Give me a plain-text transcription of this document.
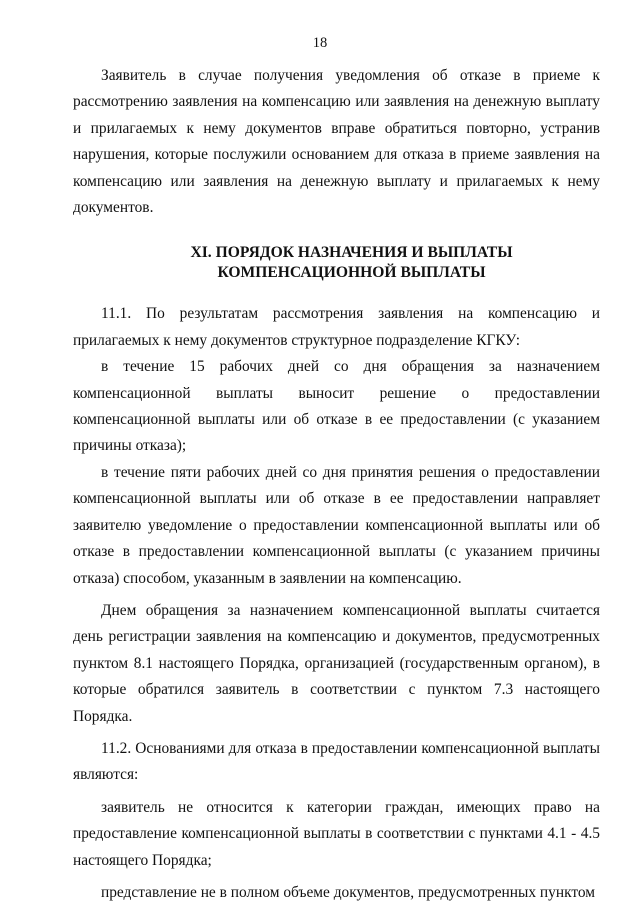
18

Заявитель в случае получения уведомления об отказе в приеме к рассмотрению заявления на компенсацию или заявления на денежную выплату и прилагаемых к нему документов вправе обратиться повторно, устранив нарушения, которые послужили основанием для отказа в приеме заявления на компенсацию или заявления на денежную выплату и прилагаемых к нему документов.

XI. ПОРЯДОК НАЗНАЧЕНИЯ И ВЫПЛАТЫ
КОМПЕНСАЦИОННОЙ ВЫПЛАТЫ

11.1. По результатам рассмотрения заявления на компенсацию и прилагаемых к нему документов структурное подразделение КГКУ:

в течение 15 рабочих дней со дня обращения за назначением компенсационной выплаты выносит решение о предоставлении компенсационной выплаты или об отказе в ее предоставлении (с указанием причины отказа);

в течение пяти рабочих дней со дня принятия решения о предоставлении компенсационной выплаты или об отказе в ее предоставлении направляет заявителю уведомление о предоставлении компенсационной выплаты или об отказе в предоставлении компенсационной выплаты (с указанием причины отказа) способом, указанным в заявлении на компенсацию.

Днем обращения за назначением компенсационной выплаты считается день регистрации заявления на компенсацию и документов, предусмотренных пунктом 8.1 настоящего Порядка, организацией (государственным органом), в которые обратился заявитель в соответствии с пунктом 7.3 настоящего Порядка.

11.2. Основаниями для отказа в предоставлении компенсационной выплаты являются:

заявитель не относится к категории граждан, имеющих право на предоставление компенсационной выплаты в соответствии с пунктами 4.1 - 4.5 настоящего Порядка;

представление не в полном объеме документов, предусмотренных пунктом
